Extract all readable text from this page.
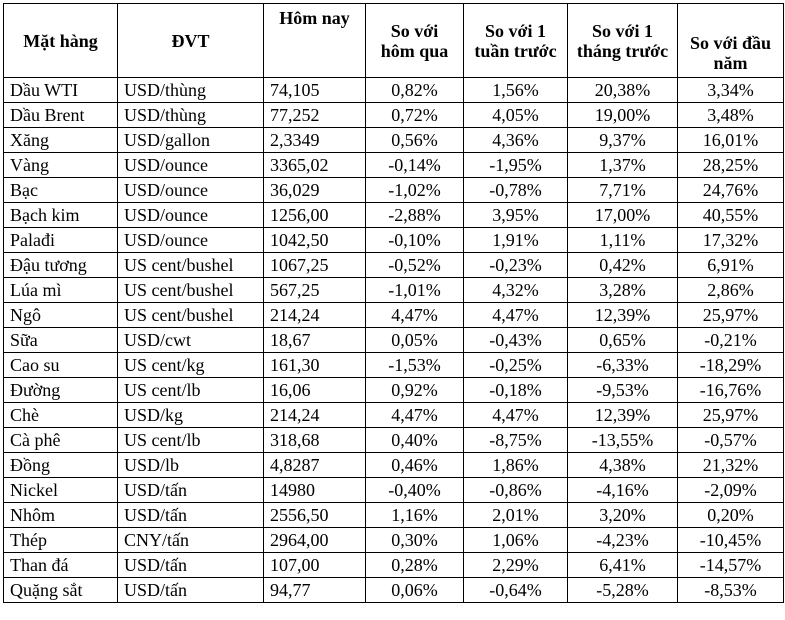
Mặt hàng	ĐVT	Hôm nay	So với hôm qua	So với 1 tuần trước	So với 1 tháng trước	So với đầu năm
Dầu WTI	USD/thùng	74,105	0,82%	1,56%	20,38%	3,34%
Dầu Brent	USD/thùng	77,252	0,72%	4,05%	19,00%	3,48%
Xăng	USD/gallon	2,3349	0,56%	4,36%	9,37%	16,01%
Vàng	USD/ounce	3365,02	-0,14%	-1,95%	1,37%	28,25%
Bạc	USD/ounce	36,029	-1,02%	-0,78%	7,71%	24,76%
Bạch kim	USD/ounce	1256,00	-2,88%	3,95%	17,00%	40,55%
Palađi	USD/ounce	1042,50	-0,10%	1,91%	1,11%	17,32%
Đậu tương	US cent/bushel	1067,25	-0,52%	-0,23%	0,42%	6,91%
Lúa mì	US cent/bushel	567,25	-1,01%	4,32%	3,28%	2,86%
Ngô	US cent/bushel	214,24	4,47%	4,47%	12,39%	25,97%
Sữa	USD/cwt	18,67	0,05%	-0,43%	0,65%	-0,21%
Cao su	US cent/kg	161,30	-1,53%	-0,25%	-6,33%	-18,29%
Đường	US cent/lb	16,06	0,92%	-0,18%	-9,53%	-16,76%
Chè	USD/kg	214,24	4,47%	4,47%	12,39%	25,97%
Cà phê	US cent/lb	318,68	0,40%	-8,75%	-13,55%	-0,57%
Đồng	USD/lb	4,8287	0,46%	1,86%	4,38%	21,32%
Nickel	USD/tấn	14980	-0,40%	-0,86%	-4,16%	-2,09%
Nhôm	USD/tấn	2556,50	1,16%	2,01%	3,20%	0,20%
Thép	CNY/tấn	2964,00	0,30%	1,06%	-4,23%	-10,45%
Than đá	USD/tấn	107,00	0,28%	2,29%	6,41%	-14,57%
Quặng sắt	USD/tấn	94,77	0,06%	-0,64%	-5,28%	-8,53%
